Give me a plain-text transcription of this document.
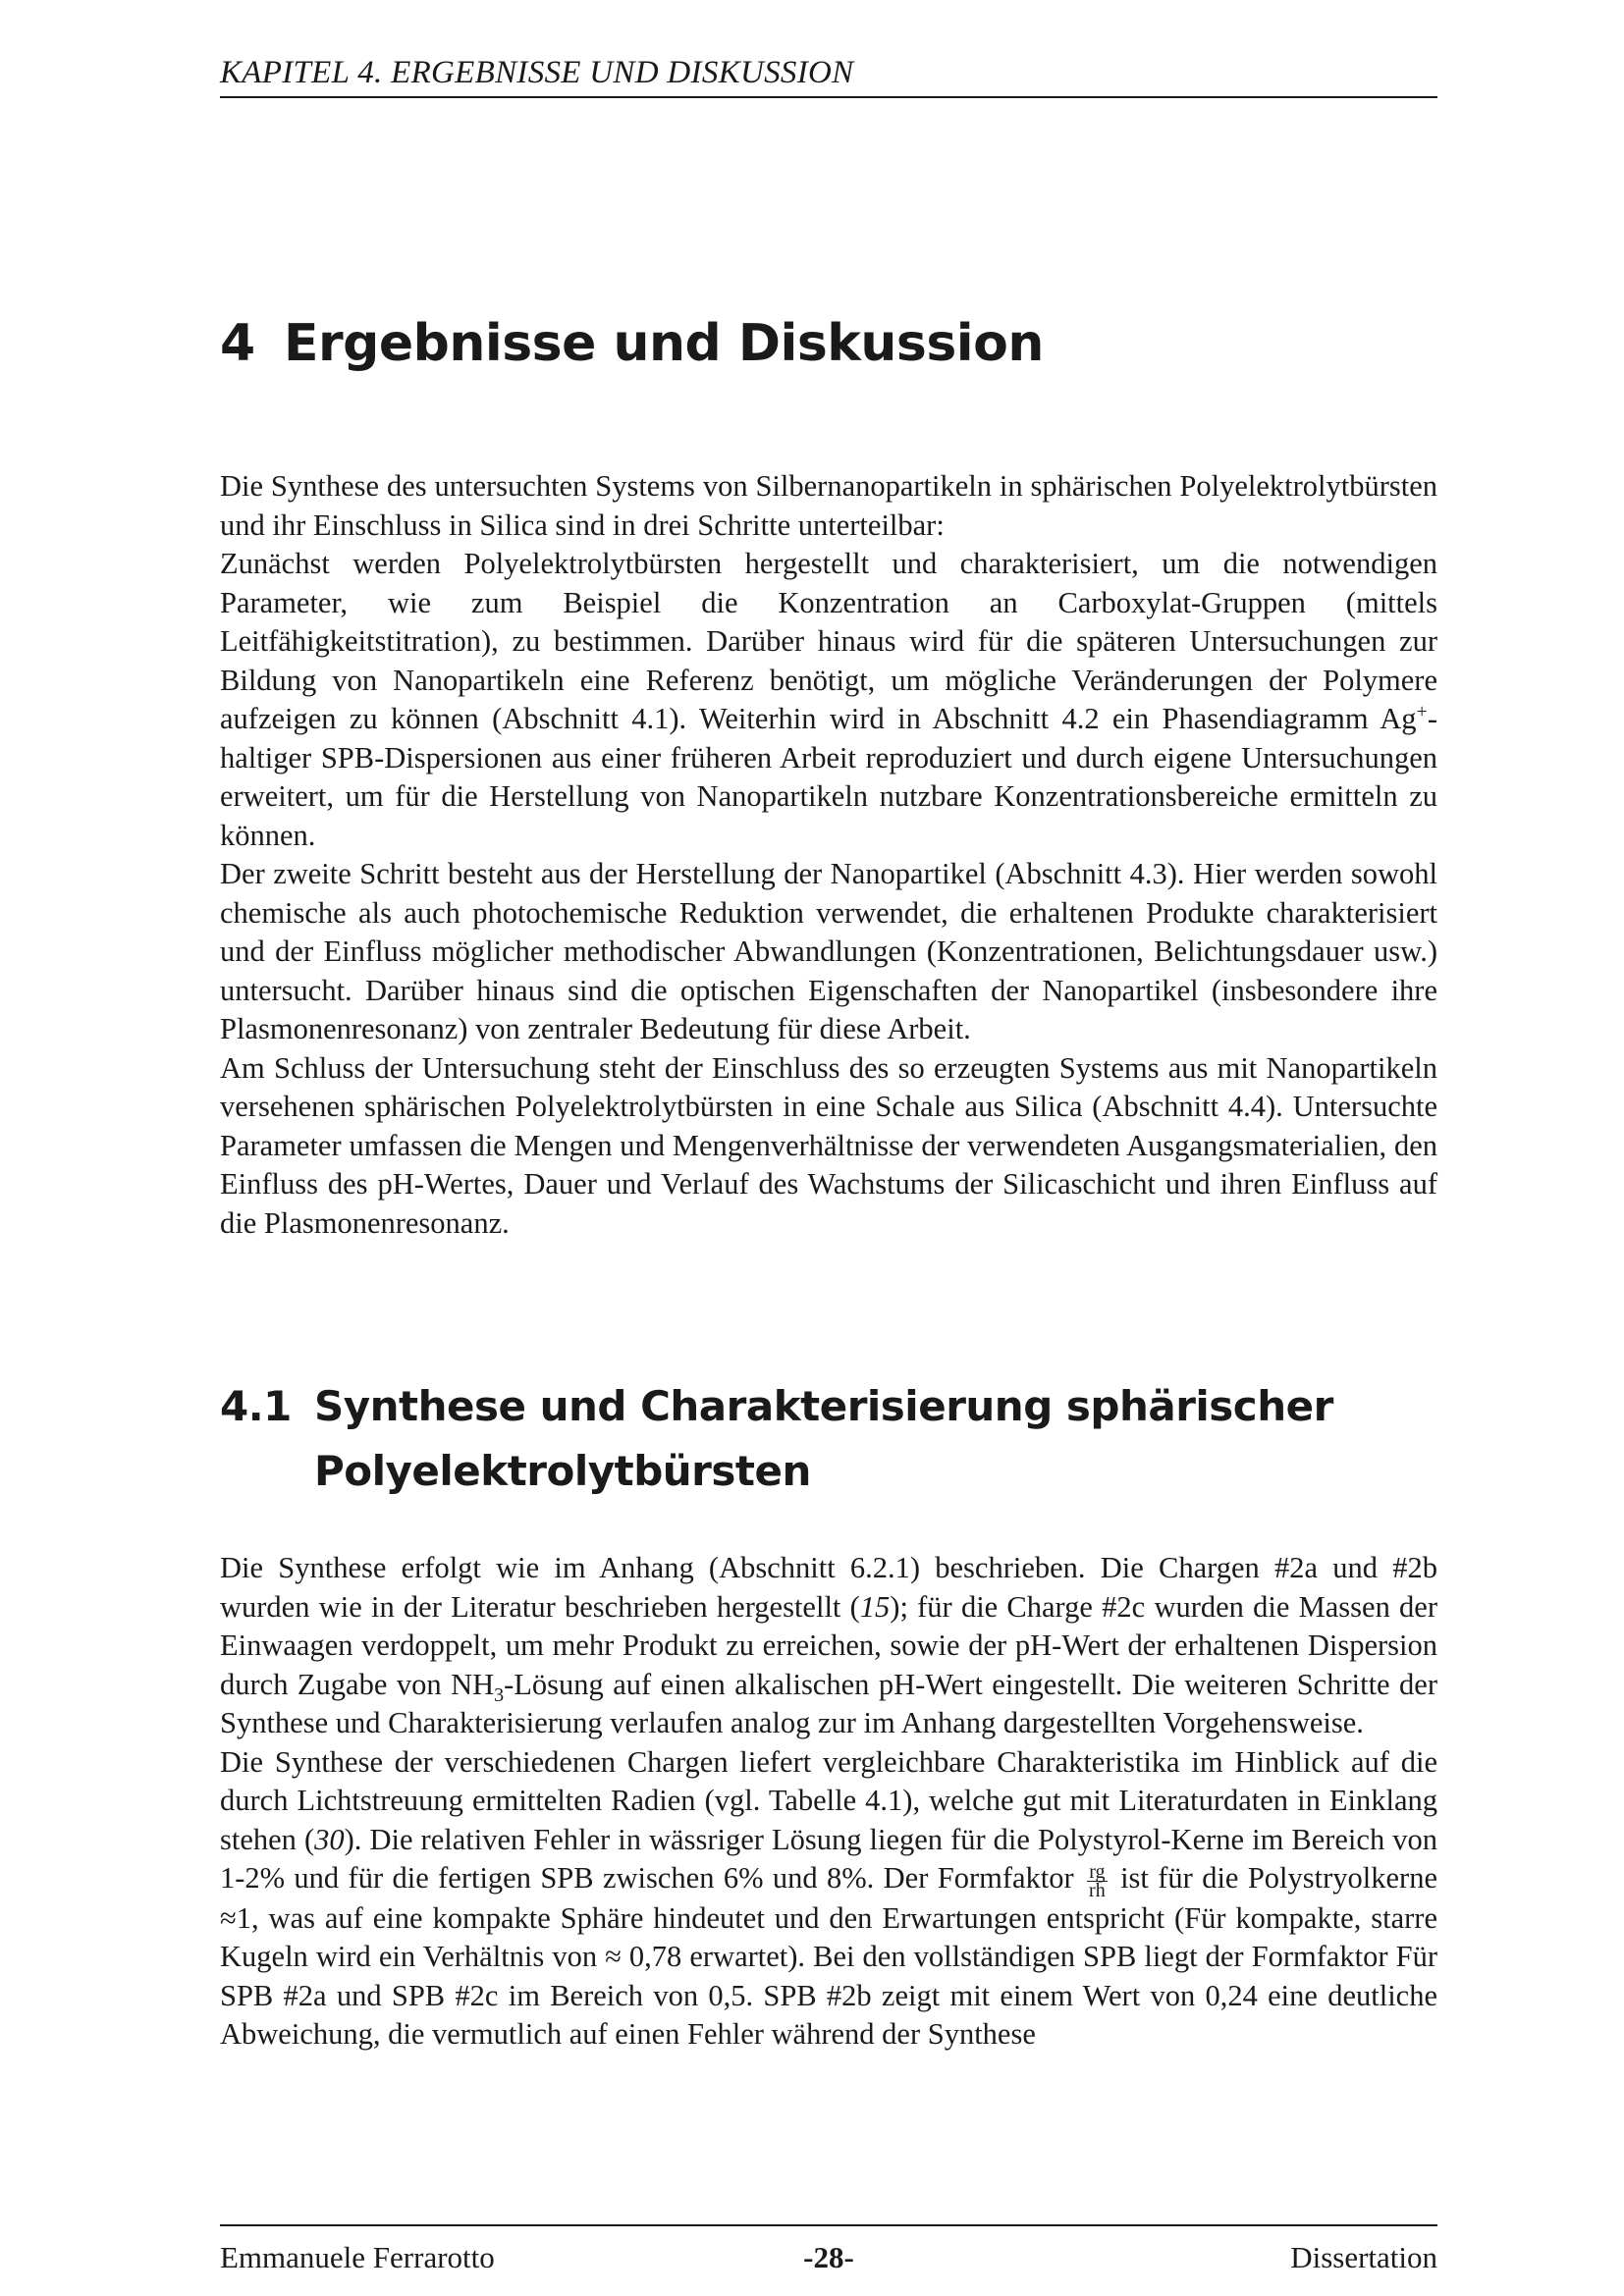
KAPITEL 4. ERGEBNISSE UND DISKUSSION
4 Ergebnisse und Diskussion

Die Synthese des untersuchten Systems von Silbernanopartikeln in sphärischen Polyelektrolytbürsten und ihr Einschluss in Silica sind in drei Schritte unterteilbar:

Zunächst werden Polyelektrolytbürsten hergestellt und charakterisiert, um die notwendigen Parameter, wie zum Beispiel die Konzentration an Carboxylat-Gruppen (mittels Leitfähigkeitstitration), zu bestimmen. Darüber hinaus wird für die späteren Untersuchungen zur Bildung von Nanopartikeln eine Referenz benötigt, um mögliche Veränderungen der Polymere aufzeigen zu können (Abschnitt 4.1). Weiterhin wird in Abschnitt 4.2 ein Phasendiagramm Ag+-haltiger SPB-Dispersionen aus einer früheren Arbeit reproduziert und durch eigene Untersuchungen erweitert, um für die Herstellung von Nanopartikeln nutzbare Konzentrationsbereiche ermitteln zu können.

Der zweite Schritt besteht aus der Herstellung der Nanopartikel (Abschnitt 4.3). Hier werden sowohl chemische als auch photochemische Reduktion verwendet, die erhaltenen Produkte charakterisiert und der Einfluss möglicher methodischer Abwandlungen (Konzentrationen, Belichtungsdauer usw.) untersucht. Darüber hinaus sind die optischen Eigenschaften der Nanopartikel (insbesondere ihre Plasmonenresonanz) von zentraler Bedeutung für diese Arbeit.

Am Schluss der Untersuchung steht der Einschluss des so erzeugten Systems aus mit Nanopartikeln versehenen sphärischen Polyelektrolytbürsten in eine Schale aus Silica (Abschnitt 4.4). Untersuchte Parameter umfassen die Mengen und Mengenverhältnisse der verwendeten Ausgangsmaterialien, den Einfluss des pH-Wertes, Dauer und Verlauf des Wachstums der Silicaschicht und ihren Einfluss auf die Plasmonenresonanz.

4.1 Synthese und Charakterisierung sphärischer Polyelektrolytbürsten

Die Synthese erfolgt wie im Anhang (Abschnitt 6.2.1) beschrieben. Die Chargen #2a und #2b wurden wie in der Literatur beschrieben hergestellt (15); für die Charge #2c wurden die Massen der Einwaagen verdoppelt, um mehr Produkt zu erreichen, sowie der pH-Wert der erhaltenen Dispersion durch Zugabe von $NH_3$-Lösung auf einen alkalischen pH-Wert eingestellt. Die weiteren Schritte der Synthese und Charakterisierung verlaufen analog zur im Anhang dargestellten Vorgehensweise.

Die Synthese der verschiedenen Chargen liefert vergleichbare Charakteristika im Hinblick auf die durch Lichtstreuung ermittelten Radien (vgl. Tabelle 4.1), welche gut mit Literaturdaten in Einklang stehen (30). Die relativen Fehler in wässriger Lösung liegen für die Polystyrol-Kerne im Bereich von 1-2% und für die fertigen SPB zwischen 6% und 8%. Der Formfaktor $\frac{rg}{rh}$ ist für die Polystryolkerne ≈1, was auf eine kompakte Sphäre hindeutet und den Erwartungen entspricht (Für kompakte, starre Kugeln wird ein Verhältnis von ≈ 0,78 erwartet). Bei den vollständigen SPB liegt der Formfaktor Für SPB #2a und SPB #2c im Bereich von 0,5. SPB #2b zeigt mit einem Wert von 0,24 eine deutliche Abweichung, die vermutlich auf einen Fehler während der Synthese

Emmanuele Ferrarotto	-28-	Dissertation
